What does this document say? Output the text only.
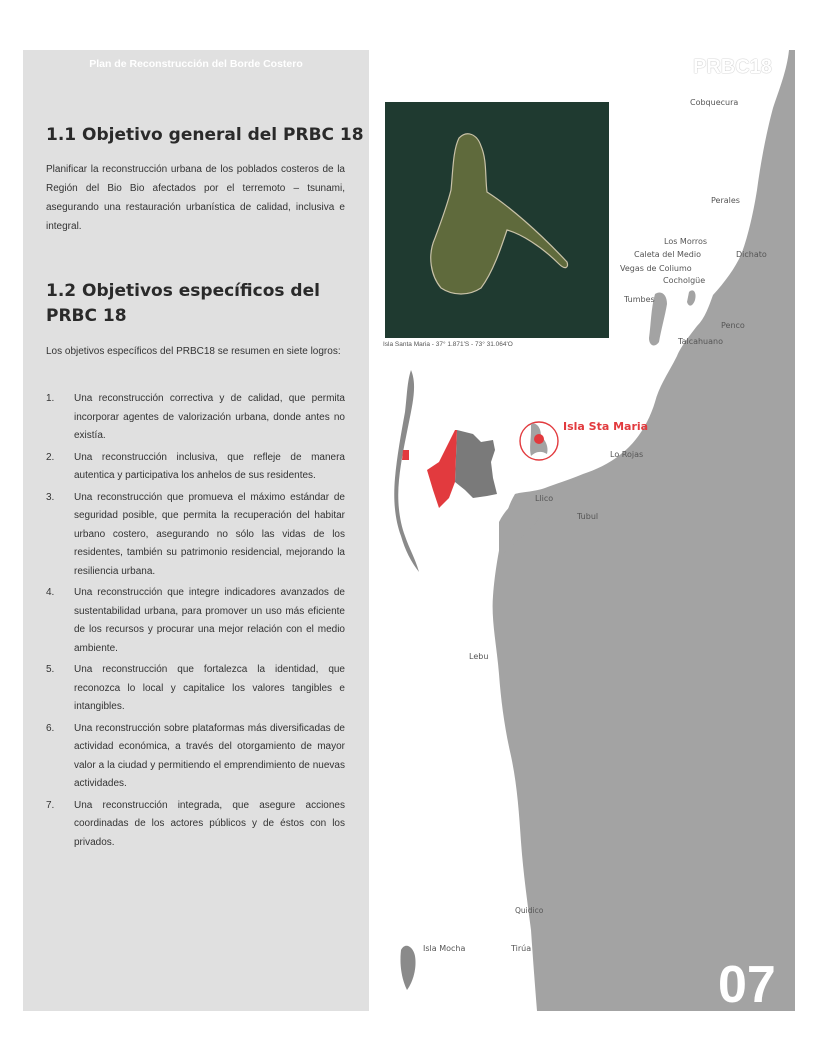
Plan de Reconstrucción del Borde Costero
1.1 Objetivo general del PRBC 18

Planificar la reconstrucción urbana de los poblados costeros de la Región del Bio Bio afectados por el terremoto – tsunami, asegurando una restauración urbanística de calidad, inclusiva e integral.

1.2 Objetivos específicos del
PRBC 18

Los objetivos específicos del PRBC18 se resumen en siete logros:

1.	Una reconstrucción correctiva y de calidad, que permita incorporar agentes de valorización urbana, donde antes no existía.
2.	Una reconstrucción inclusiva, que refleje de manera autentica y participativa los anhelos de sus residentes.
3.	Una reconstrucción que promueva el máximo estándar de seguridad posible, que permita la recuperación del habitar urbano costero, asegurando no sólo las vidas de los residentes, también su patrimonio residencial, mejorando la resiliencia urbana.
4.	Una reconstrucción que integre indicadores avanzados de sustentabilidad urbana, para promover un uso más eficiente de los recursos y procurar una mejor relación con el medio ambiente.
5.	Una reconstrucción que fortalezca la identidad, que reconozca lo local y capitalice los valores tangibles e intangibles.
6.	Una reconstrucción sobre plataformas más diversificadas de actividad económica, a través del otorgamiento de mayor valor a la ciudad y permitiendo el emprendimiento de nuevas actividades.
7.	Una reconstrucción integrada, que asegure acciones coordinadas de los actores públicos y de éstos con los privados.
Isla Santa Maria - 37° 1.871'S - 73° 31.064'O
PRBC18
Cobquecura
Perales
Los Morros
Dichato
Caleta del Medio
Vegas de Coliumo
Cocholgüe
Tumbes
Penco
Talcahuano
Isla Sta Maria
Lo Rojas
Llico
Tubul
Lebu
Quidico
Isla Mocha	Tirúa
07
